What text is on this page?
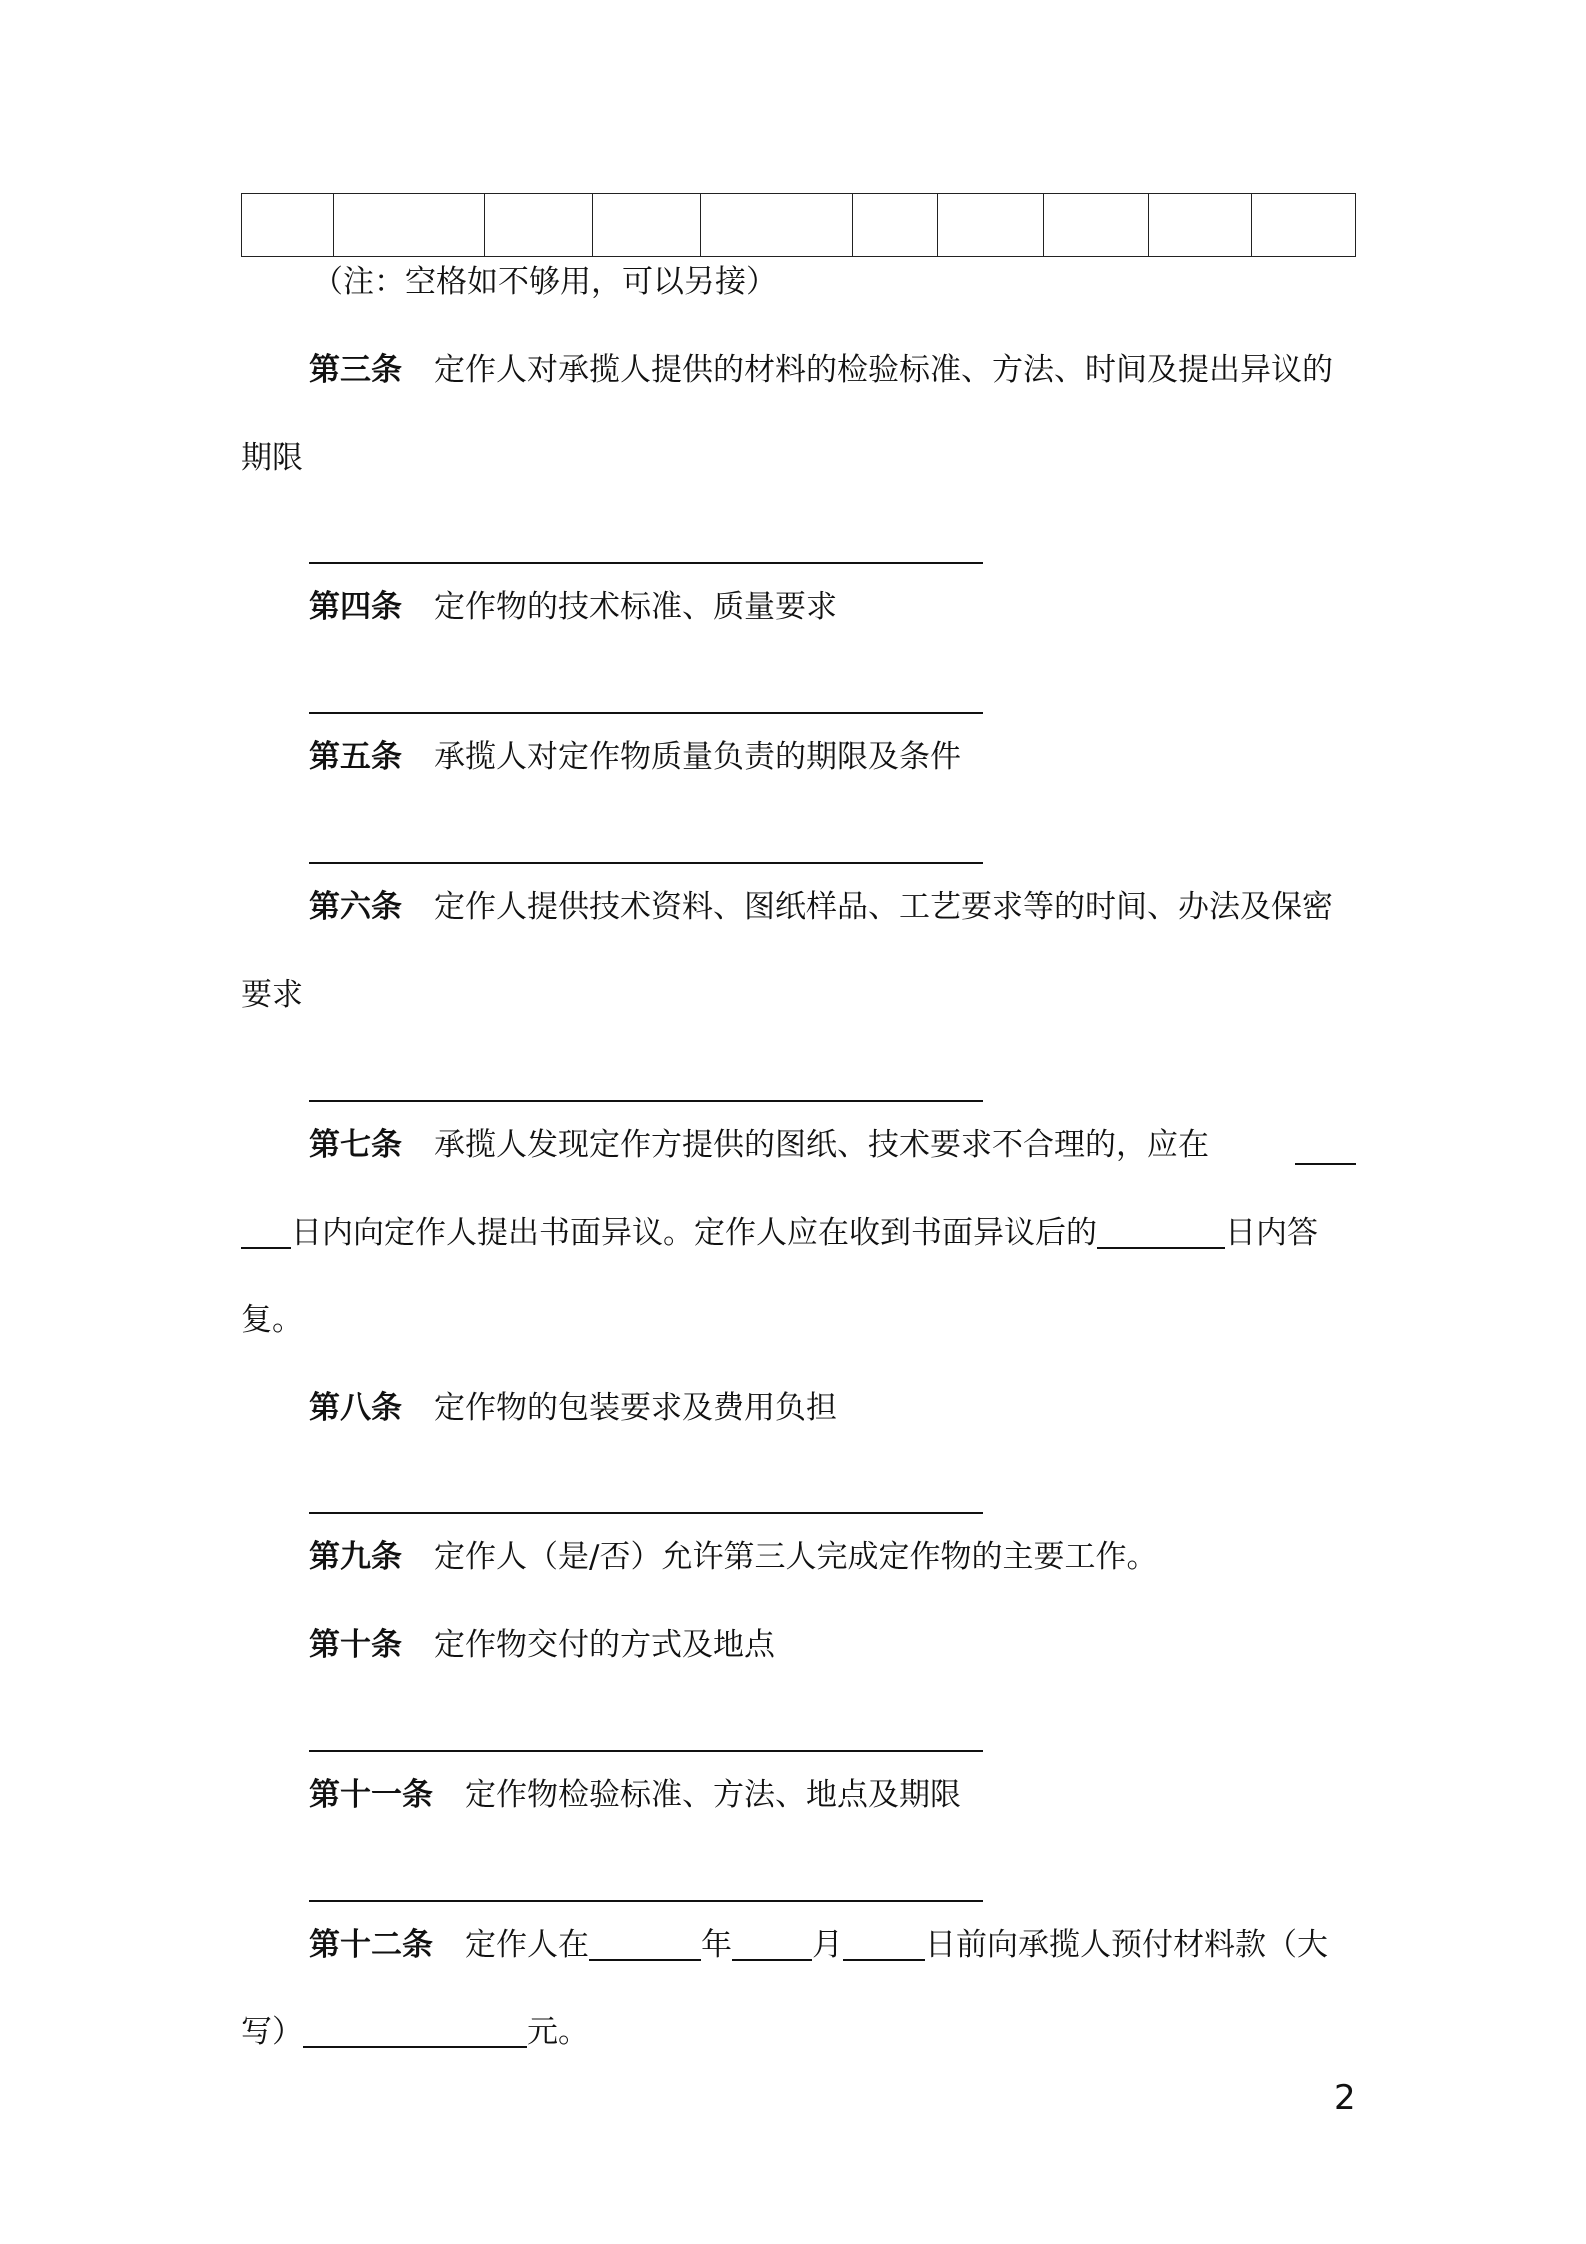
（注：空格如不够用，可以另接）
第三条 定作人对承揽人提供的材料的检验标准、方法、时间及提出异议的
期限
第四条 定作物的技术标准、质量要求
第五条 承揽人对定作物质量负责的期限及条件
第六条 定作人提供技术资料、图纸样品、工艺要求等的时间、办法及保密
要求
第七条 承揽人发现定作方提供的图纸、技术要求不合理的，应在
日内向定作人提出书面异议。定作人应在收到书面异议后的	日内答
复。
第八条 定作物的包装要求及费用负担
第九条 定作人（是/否）允许第三人完成定作物的主要工作。
第十条 定作物交付的方式及地点
第十一条 定作物检验标准、方法、地点及期限
第十二条 定作人在	年	月	日前向承揽人预付材料款（大
写）	元。
2
